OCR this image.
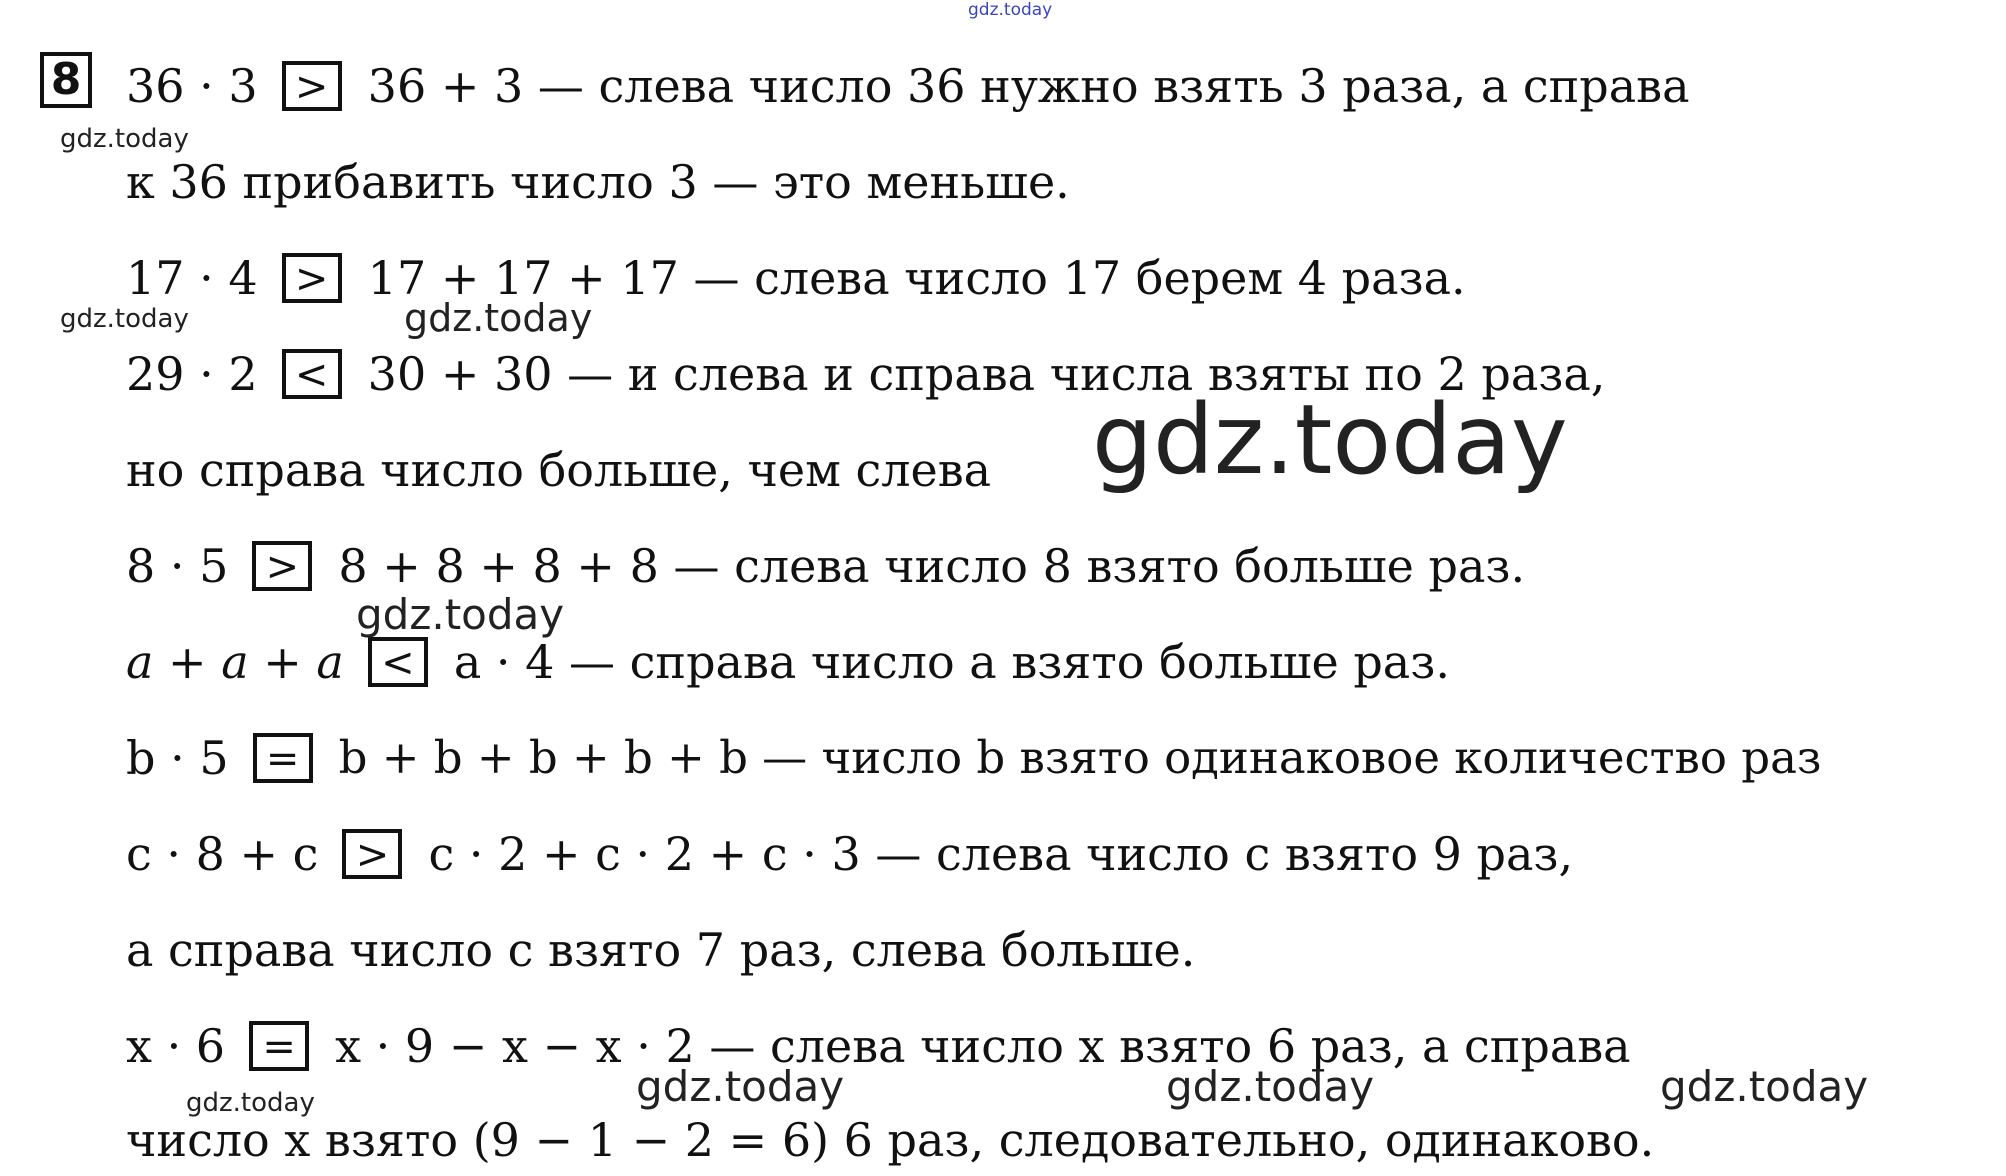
8 36 · 3 > 36 + 3 — слева число 36 нужно взять 3 раза, а справа
к 36 прибавить число 3 — это меньше.
17 · 4 > 17 + 17 + 17 — слева число 17 берем 4 раза.
29 · 2 < 30 + 30 — и слева и справа числа взяты по 2 раза,
но справа число больше, чем слева
8 · 5 > 8 + 8 + 8 + 8 — слева число 8 взято больше раз.
a + a + a < a · 4 — справа число a взято больше раз.
b · 5 = b + b + b + b + b — число b взято одинаковое количество раз
c · 8 + c > c · 2 + c · 2 + c · 3 — слева число c взято 9 раз,
а справа число c взято 7 раз, слева больше.
x · 6 = x · 9 − x − x · 2 — слева число x взято 6 раз, а справа
число x взято (9 − 1 − 2 = 6) 6 раз, следовательно, одинаково.
gdz.today
gdz.today
gdz.today	gdz.today
gdz.today
gdz.today
gdz.today	gdz.today	gdz.today	gdz.today
